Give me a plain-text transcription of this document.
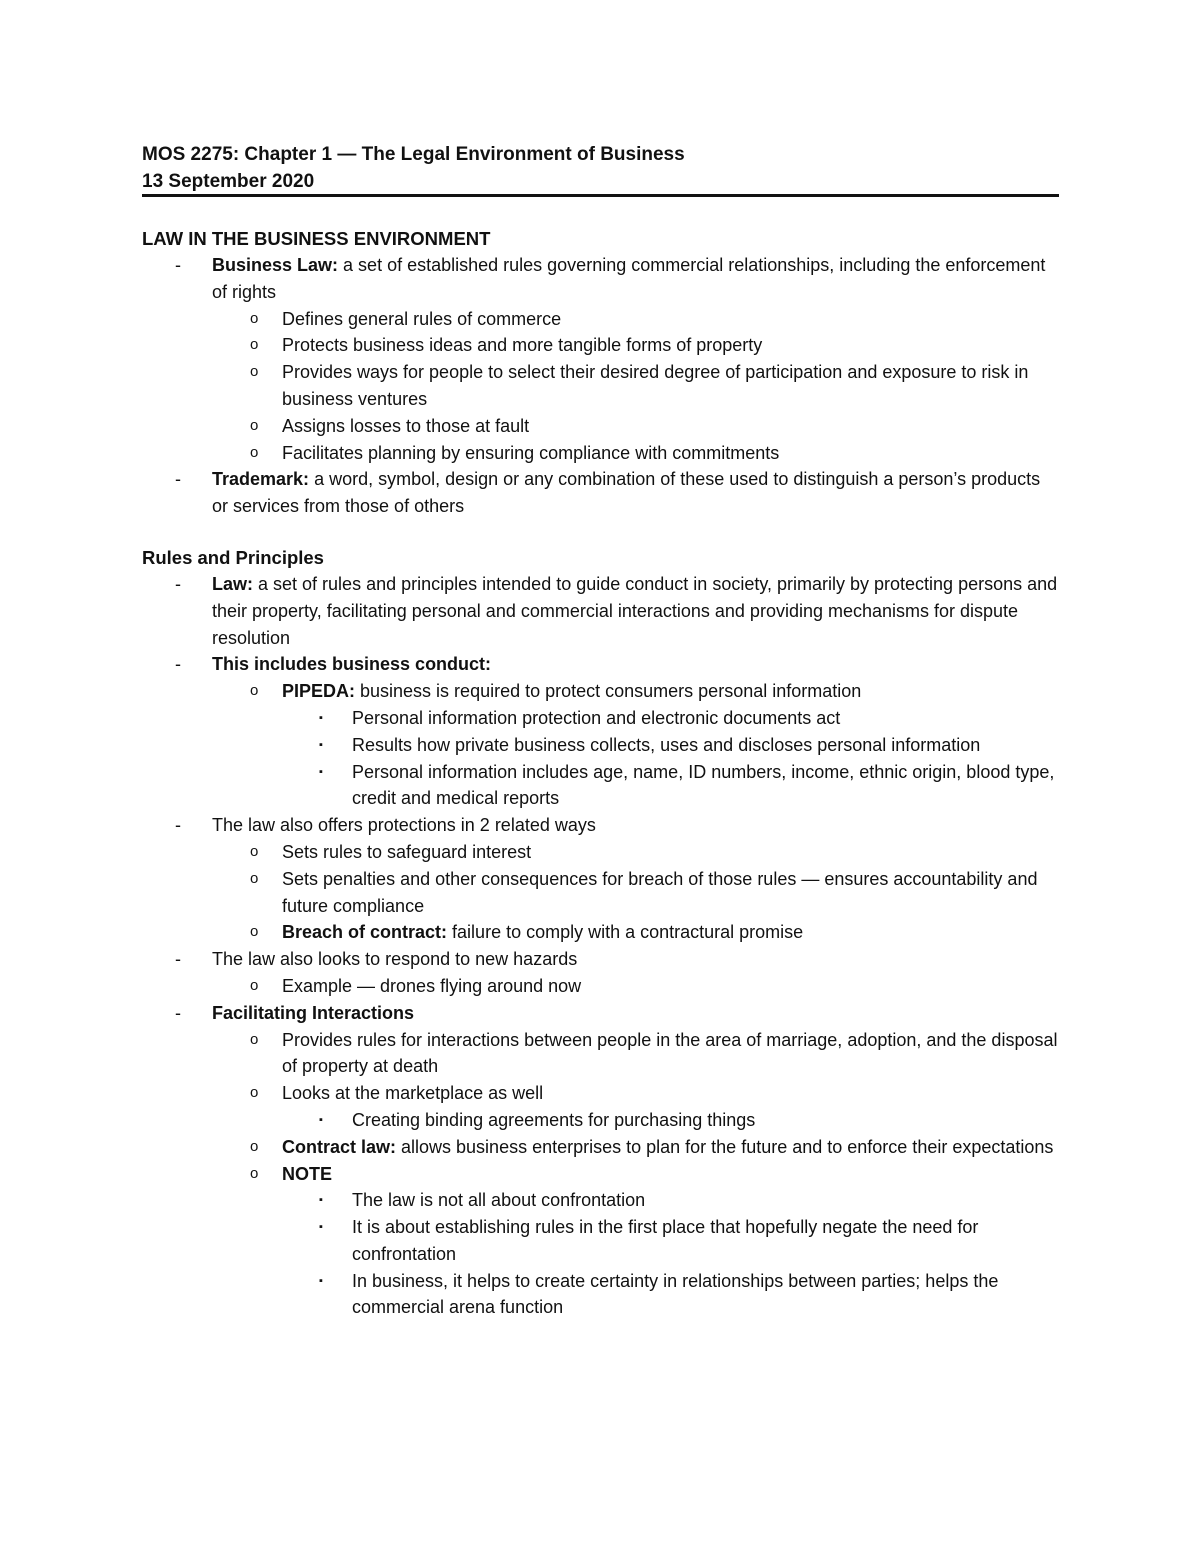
MOS 2275: Chapter 1 — The Legal Environment of Business

13 September 2020

LAW IN THE BUSINESS ENVIRONMENT

-	Business Law: a set of established rules governing commercial relationships, including the enforcement of rights
o	Defines general rules of commerce
o	Protects business ideas and more tangible forms of property
o	Provides ways for people to select their desired degree of participation and exposure to risk in business ventures
o	Assigns losses to those at fault
o	Facilitates planning by ensuring compliance with commitments
-	Trademark: a word, symbol, design or any combination of these used to distinguish a person’s products or services from those of others

Rules and Principles

-	Law: a set of rules and principles intended to guide conduct in society, primarily by protecting persons and their property, facilitating personal and commercial interactions and providing mechanisms for dispute resolution
-	This includes business conduct:
o	PIPEDA: business is required to protect consumers personal information
▪	Personal information protection and electronic documents act
▪	Results how private business collects, uses and discloses personal information
▪	Personal information includes age, name, ID numbers, income, ethnic origin, blood type, credit and medical reports
-	The law also offers protections in 2 related ways
o	Sets rules to safeguard interest
o	Sets penalties and other consequences for breach of those rules — ensures accountability and future compliance
o	Breach of contract: failure to comply with a contractural promise
-	The law also looks to respond to new hazards
o	Example — drones flying around now
-	Facilitating Interactions
o	Provides rules for interactions between people in the area of marriage, adoption, and the disposal of property at death
o	Looks at the marketplace as well
▪	Creating binding agreements for purchasing things
o	Contract law: allows business enterprises to plan for the future and to enforce their expectations
o	NOTE
▪	The law is not all about confrontation
▪	It is about establishing rules in the first place that hopefully negate the need for confrontation
▪	In business, it helps to create certainty in relationships between parties; helps the commercial arena function
